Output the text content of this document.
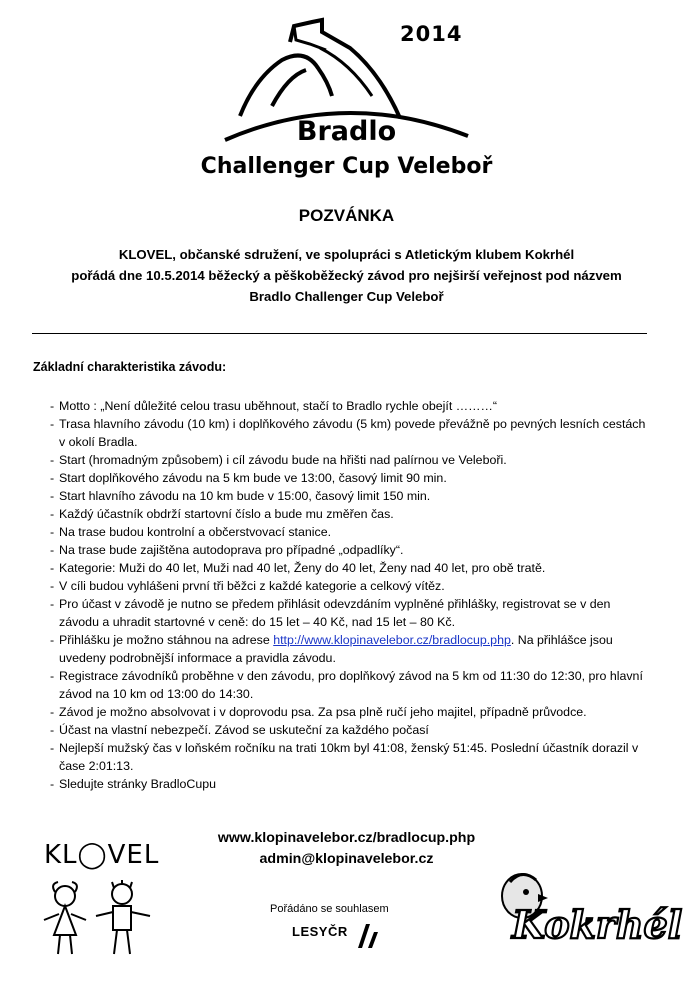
2014
Bradlo
Challenger Cup Veleboř
POZVÁNKA
KLOVEL, občanské sdružení, ve spolupráci s Atletickým klubem Kokrhél
pořádá dne 10.5.2014 běžecký a pěškoběžecký závod pro nejširší veřejnost pod názvem
Bradlo Challenger Cup Veleboř
Základní charakteristika závodu:
- Motto : „Není důležité celou trasu uběhnout, stačí to Bradlo rychle obejít ………“
- Trasa hlavního závodu (10 km) i doplňkového závodu (5 km) povede převážně po pevných lesních cestách v okolí Bradla.
- Start (hromadným způsobem) i cíl závodu bude na hřišti nad palírnou ve Veleboři.
- Start doplňkového závodu na 5 km bude ve 13:00, časový limit 90 min.
- Start hlavního závodu na 10 km bude v 15:00, časový limit 150 min.
- Každý účastník obdrží startovní číslo a bude mu změřen čas.
- Na trase budou kontrolní a občerstvovací stanice.
- Na trase bude zajištěna autodoprava pro případné „odpadlíky“.
- Kategorie: Muži do 40 let, Muži nad 40 let, Ženy do 40 let, Ženy nad 40 let, pro obě tratě.
- V cíli budou vyhlášeni první tři běžci z každé kategorie a celkový vítěz.
- Pro účast v závodě je nutno se předem přihlásit odevzdáním vyplněné přihlášky, registrovat se v den závodu a uhradit startovné v ceně: do 15 let – 40 Kč, nad 15 let – 80 Kč.
- Přihlášku je možno stáhnou na adrese http://www.klopinavelebor.cz/bradlocup.php. Na přihlášce jsou uvedeny podrobnější informace a pravidla závodu.
- Registrace závodníků proběhne v den závodu, pro doplňkový závod na 5 km od 11:30 do 12:30, pro hlavní závod na 10 km od 13:00 do 14:30.
- Závod je možno absolvovat i v doprovodu psa. Za psa plně ručí jeho majitel, případně průvodce.
- Účast na vlastní nebezpečí. Závod se uskuteční za každého počasí
- Nejlepší mužský čas v loňském ročníku na trati 10km byl 41:08, ženský 51:45. Poslední účastník dorazil v čase 2:01:13.
- Sledujte stránky BradloCupu
www.klopinavelebor.cz/bradlocup.php
admin@klopinavelebor.cz
KL◯VEL
Pořádáno se souhlasem
LESYČR	Kokrhél
